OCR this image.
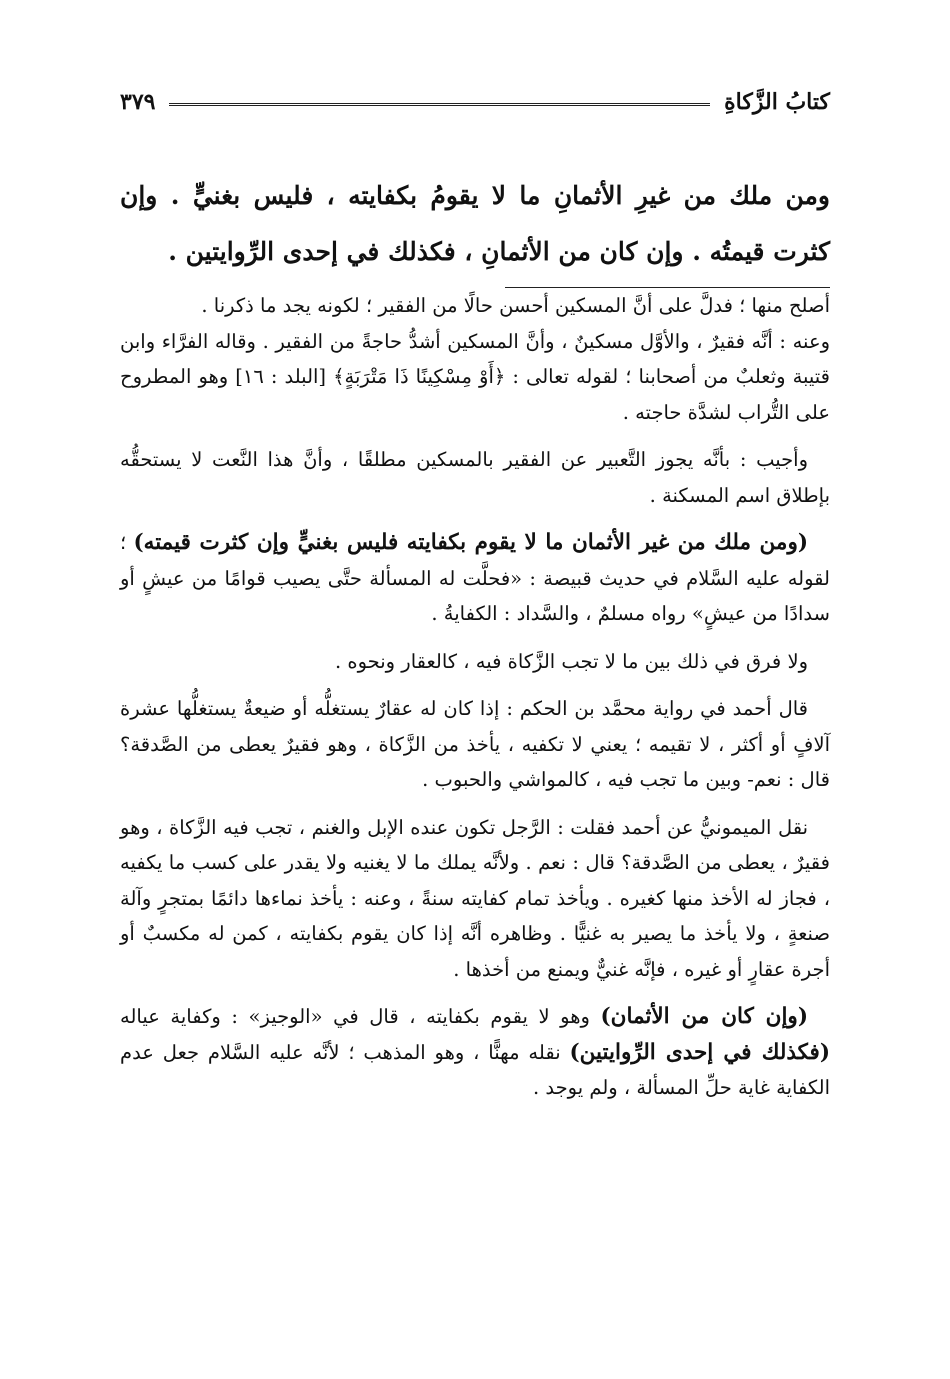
كتابُ الزَّكاةِ
٣٧٩
ومن ملك من غيرِ الأثمانِ ما لا يقومُ بكفايته ، فليس بغنيٍّ . وإن كثرت قيمتُه . وإن كان من الأثمانِ ، فكذلك في إحدى الرِّوايتين .

أصلح منها ؛ فدلَّ على أنَّ المسكين أحسن حالًا من الفقير ؛ لكونه يجد ما ذكرنا .

وعنه : أنَّه فقيرٌ ، والأوَّل مسكينٌ ، وأنَّ المسكين أشدُّ حاجةً من الفقير . وقاله الفرَّاء وابن قتيبة وثعلبٌ من أصحابنا ؛ لقوله تعالى : ﴿أَوْ مِسْكِينًا ذَا مَتْرَبَةٍ﴾ [البلد : ١٦] وهو المطروح على التُّراب لشدَّة حاجته .

وأجيب : بأنَّه يجوز التَّعبير عن الفقير بالمسكين مطلقًا ، وأنَّ هذا النَّعت لا يستحقُّه بإطلاق اسم المسكنة .

(ومن ملك من غير الأثمان ما لا يقوم بكفايته فليس بغنيٍّ وإن كثرت قيمته) ؛ لقوله عليه السَّلام في حديث قبيصة : «فحلَّت له المسألة حتَّى يصيب قوامًا من عيشٍ أو سدادًا من عيشٍ» رواه مسلمٌ ، والسَّداد : الكفايةُ .

ولا فرق في ذلك بين ما لا تجب الزَّكاة فيه ، كالعقار ونحوه .

قال أحمد في رواية محمَّد بن الحكم : إذا كان له عقارٌ يستغلُّه أو ضيعةٌ يستغلُّها عشرة آلافٍ أو أكثر ، لا تقيمه ؛ يعني لا تكفيه ، يأخذ من الزَّكاة ، وهو فقيرٌ يعطى من الصَّدقة؟ قال : نعم- وبين ما تجب فيه ، كالمواشي والحبوب .

نقل الميمونيُّ عن أحمد فقلت : الرَّجل تكون عنده الإبل والغنم ، تجب فيه الزَّكاة ، وهو فقيرٌ ، يعطى من الصَّدقة؟ قال : نعم . ولأنَّه يملك ما لا يغنيه ولا يقدر على كسب ما يكفيه ، فجاز له الأخذ منها كغيره . ويأخذ تمام كفايته سنةً ، وعنه : يأخذ نماءها دائمًا بمتجرٍ وآلة صنعةٍ ، ولا يأخذ ما يصير به غنيًّا . وظاهره أنَّه إذا كان يقوم بكفايته ، كمن له مكسبٌ أو أجرة عقارٍ أو غيره ، فإنَّه غنيٌّ ويمنع من أخذها .

(وإن كان من الأثمان) وهو لا يقوم بكفايته ، قال في «الوجيز» : وكفاية عياله (فكذلك في إحدى الرِّوايتين) نقله مهنًّا ، وهو المذهب ؛ لأنَّه عليه السَّلام جعل عدم الكفاية غاية حلِّ المسألة ، ولم يوجد .
